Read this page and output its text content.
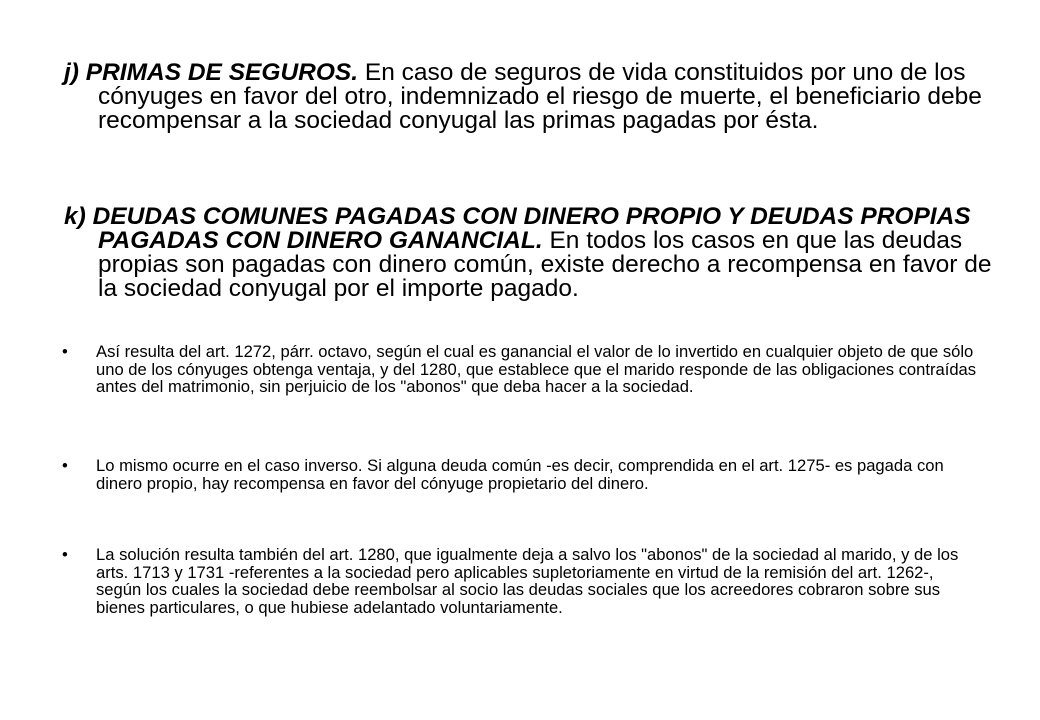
j) PRIMAS DE SEGUROS. En caso de seguros de vida constituidos por uno de los cónyuges en favor del otro, indemnizado el riesgo de muerte, el beneficiario debe recompensar a la sociedad conyugal las primas pagadas por ésta.

k) DEUDAS COMUNES PAGADAS CON DINERO PROPIO Y DEUDAS PROPIAS PAGADAS CON DINERO GANANCIAL. En todos los casos en que las deudas propias son pagadas con dinero común, existe derecho a recompensa en favor de la sociedad conyugal por el importe pagado.

• Así resulta del art. 1272, párr. octavo, según el cual es ganancial el valor de lo invertido en cualquier objeto de que sólo uno de los cónyuges obtenga ventaja, y del 1280, que establece que el marido responde de las obligaciones contraídas antes del matrimonio, sin perjuicio de los "abonos" que deba hacer a la sociedad.
• Lo mismo ocurre en el caso inverso. Si alguna deuda común -es decir, comprendida en el art. 1275- es pagada con dinero propio, hay recompensa en favor del cónyuge propietario del dinero.
• La solución resulta también del art. 1280, que igualmente deja a salvo los "abonos" de la sociedad al marido, y de los arts. 1713 y 1731 -referentes a la sociedad pero aplicables supletoriamente en virtud de la remisión del art. 1262-, según los cuales la sociedad debe reembolsar al socio las deudas sociales que los acreedores cobraron sobre sus bienes particulares, o que hubiese adelantado voluntariamente.
